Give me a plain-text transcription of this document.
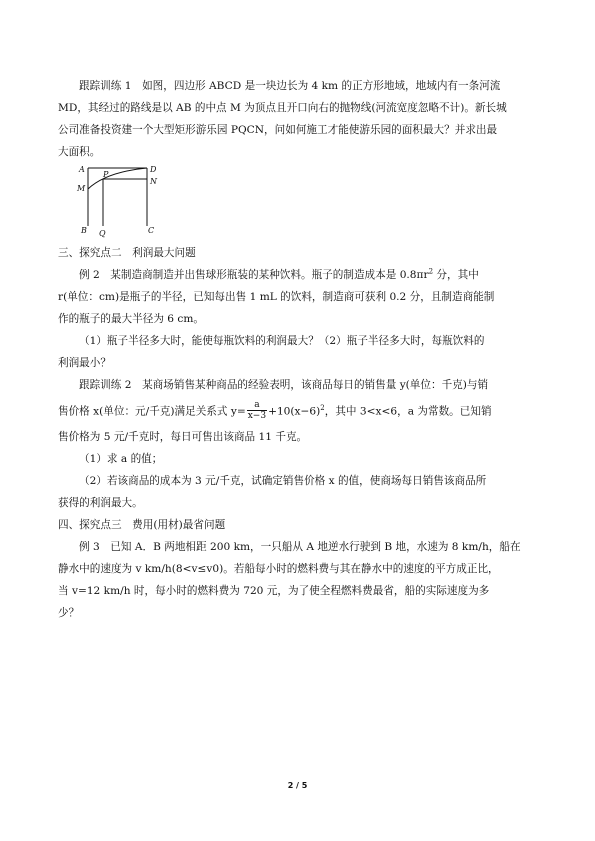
跟踪训练 1　如图，四边形 ABCD 是一块边长为 4 km 的正方形地域，地域内有一条河流

MD，其经过的路线是以 AB 的中点 M 为顶点且开口向右的抛物线(河流宽度忽略不计)。新长城

公司准备投资建一个大型矩形游乐园 PQCN，问如何施工才能使游乐园的面积最大？并求出最

大面积。

A	D
P
N
M
B Q	C

三、探究点二　利润最大问题

例 2　某制造商制造并出售球形瓶装的某种饮料。瓶子的制造成本是 $0.8\pi r^2$ 分，其中

r(单位：cm)是瓶子的半径，已知每出售 1 mL 的饮料，制造商可获利 0.2 分，且制造商能制

作的瓶子的最大半径为 6 cm。

（1）瓶子半径多大时，能使每瓶饮料的利润最大？（2）瓶子半径多大时，每瓶饮料的

利润最小？

跟踪训练 2　某商场销售某种商品的经验表明，该商品每日的销售量 y(单位：千克)与销

售价格 x(单位：元/千克)满足关系式 $y= \frac{a}{x-3} +10(x-6)^2$，其中 3<x<6，a 为常数。已知销

售价格为 5 元/千克时，每日可售出该商品 11 千克。

（1）求 a 的值；

（2）若该商品的成本为 3 元/千克，试确定销售价格 x 的值，使商场每日销售该商品所

获得的利润最大。

四、探究点三　费用(用材)最省问题

例 3　已知 A．B 两地相距 200 km，一只船从 A 地逆水行驶到 B 地，水速为 8 km/h，船在

静水中的速度为 v km/h(8<v≤v0)。若船每小时的燃料费与其在静水中的速度的平方成正比，

当 v=12 km/h 时，每小时的燃料费为 720 元，为了使全程燃料费最省，船的实际速度为多

少？

2 / 5
